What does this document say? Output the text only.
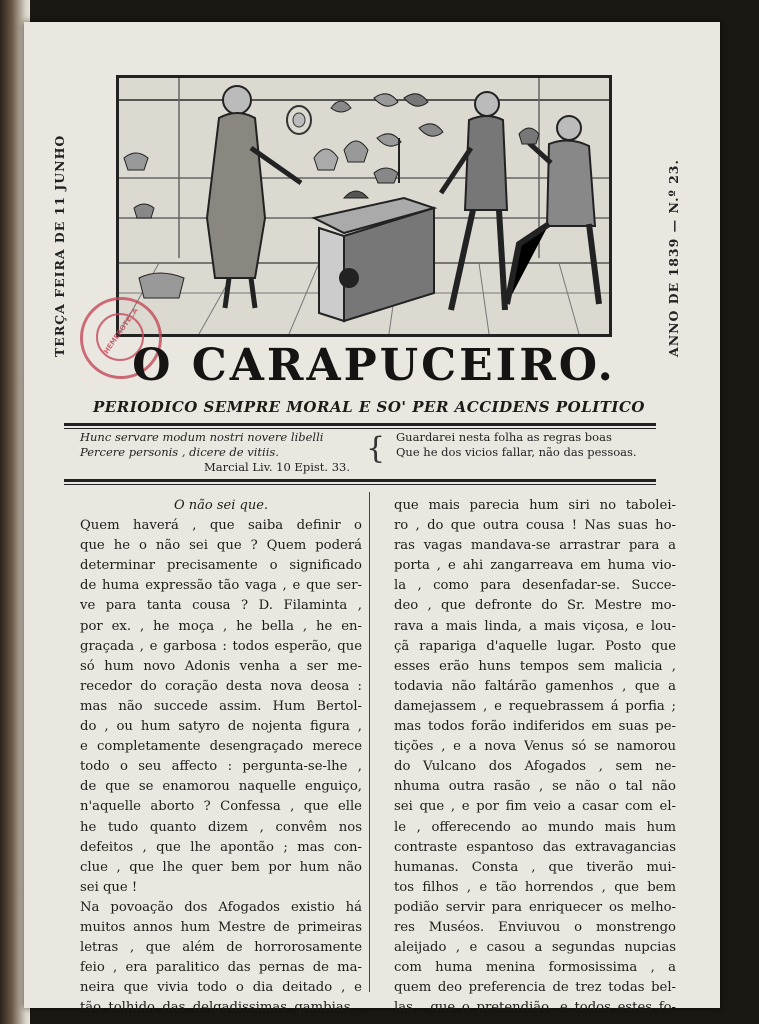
TERÇA FEIRA DE 11 JUNHO	ANNO DE 1839 — N.º 23.
HEMEROTECA
O CARAPUCEIRO.
PERIODICO SEMPRE MORAL E SO' PER ACCIDENS POLITICO
Hunc servare modum nostri novere libelli
Percere personis , dicere de vitiis.
Marcial Liv. 10 Epist. 33.
{ Guardarei nesta folha as regras boas
Que he dos vicios fallar, não das pessoas.

O não sei que.

Quem haverá , que saiba definir o
que he o não sei que ? Quem poderá
determinar precisamente o significado
de huma expressão tão vaga , e que ser-
ve para tanta cousa ? D. Filaminta ,
por ex. , he moça , he bella , he en-
graçada , e garbosa : todos esperão, que
só hum novo Adonis venha a ser me-
recedor do coração desta nova deosa :
mas não succede assim. Hum Bertol-
do , ou hum satyro de nojenta figura ,
e completamente desengraçado merece
todo o seu affecto : pergunta-se-lhe ,
de que se enamorou naquelle enguiço,
n'aquelle aborto ? Confessa , que elle
he tudo quanto dizem , convêm nos
defeitos , que lhe apontão ; mas con-
clue , que lhe quer bem por hum não
sei que !
Na povoação dos Afogados existio há
muitos annos hum Mestre de primeiras
letras , que além de horrorosamente
feio , era paralitico das pernas de ma-
neira que vivia todo o dia deitado , e
tão tolhido das delgadissimas gambias ,
que mais parecia hum siri no tabolei-
ro , do que outra cousa ! Nas suas ho-
ras vagas mandava-se arrastrar para a
porta , e ahi zangarreava em huma vio-
la , como para desenfadar-se. Succe-
deo , que defronte do Sr. Mestre mo-
rava a mais linda, a mais viçosa, e lou-
çã rapariga d'aquelle lugar. Posto que
esses erão huns tempos sem malicia ,
todavia não faltárão gamenhos , que a
damejassem , e requebrassem á porfia ;
mas todos forão indiferidos em suas pe-
tições , e a nova Venus só se namorou
do Vulcano dos Afogados , sem ne-
nhuma outra rasão , se não o tal não
sei que , e por fim veio a casar com el-
le , offerecendo ao mundo mais hum
contraste espantoso das extravagancias
humanas. Consta , que tiverão mui-
tos filhos , e tão horrendos , que bem
podião servir para enriquecer os melho-
res Muséos. Enviuvou o monstrengo
aleijado , e casou a segundas nupcias
com huma menina formosissima , a
quem deo preferencia de trez todas bel-
las , que o pretendião, e todos estes fo-
